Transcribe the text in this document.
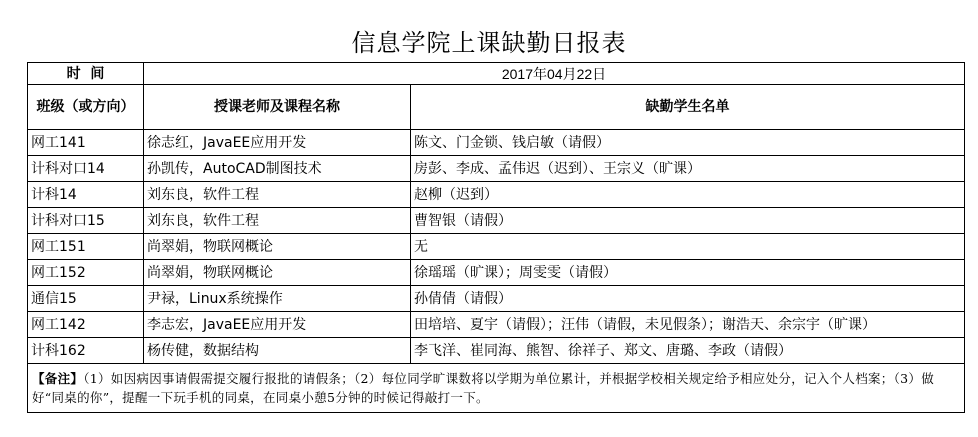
信息学院上课缺勤日报表
时  间	2017年04月22日	
班级（或方向）	授课老师及课程名称	缺勤学生名单
网工141	徐志红，JavaEE应用开发	陈文、门金锁、钱启敏（请假）
计科对口14	孙凯传，AutoCAD制图技术	房彭、李成、孟伟迟（迟到）、王宗义（旷课）
计科14	刘东良，软件工程	赵柳（迟到）
计科对口15	刘东良，软件工程	曹智银（请假）
网工151	尚翠娟，物联网概论	无
网工152	尚翠娟，物联网概论	徐瑶瑶（旷课）；周雯雯（请假）
通信15	尹禄，Linux系统操作	孙倩倩（请假）
网工142	李志宏，JavaEE应用开发	田培培、夏宇（请假）；汪伟（请假，未见假条）；谢浩天、余宗宇（旷课）
计科162	杨传健，数据结构	李飞洋、崔同海、熊智、徐祥子、郑文、唐璐、李政（请假）
【备注】（1）如因病因事请假需提交履行报批的请假条；（2）每位同学旷课数将以学期为单位累计，并根据学校相关规定给予相应处分，记入个人档案；（3）做好“同桌的你”，提醒一下玩手机的同桌，在同桌小憩5分钟的时候记得敲打一下。		
